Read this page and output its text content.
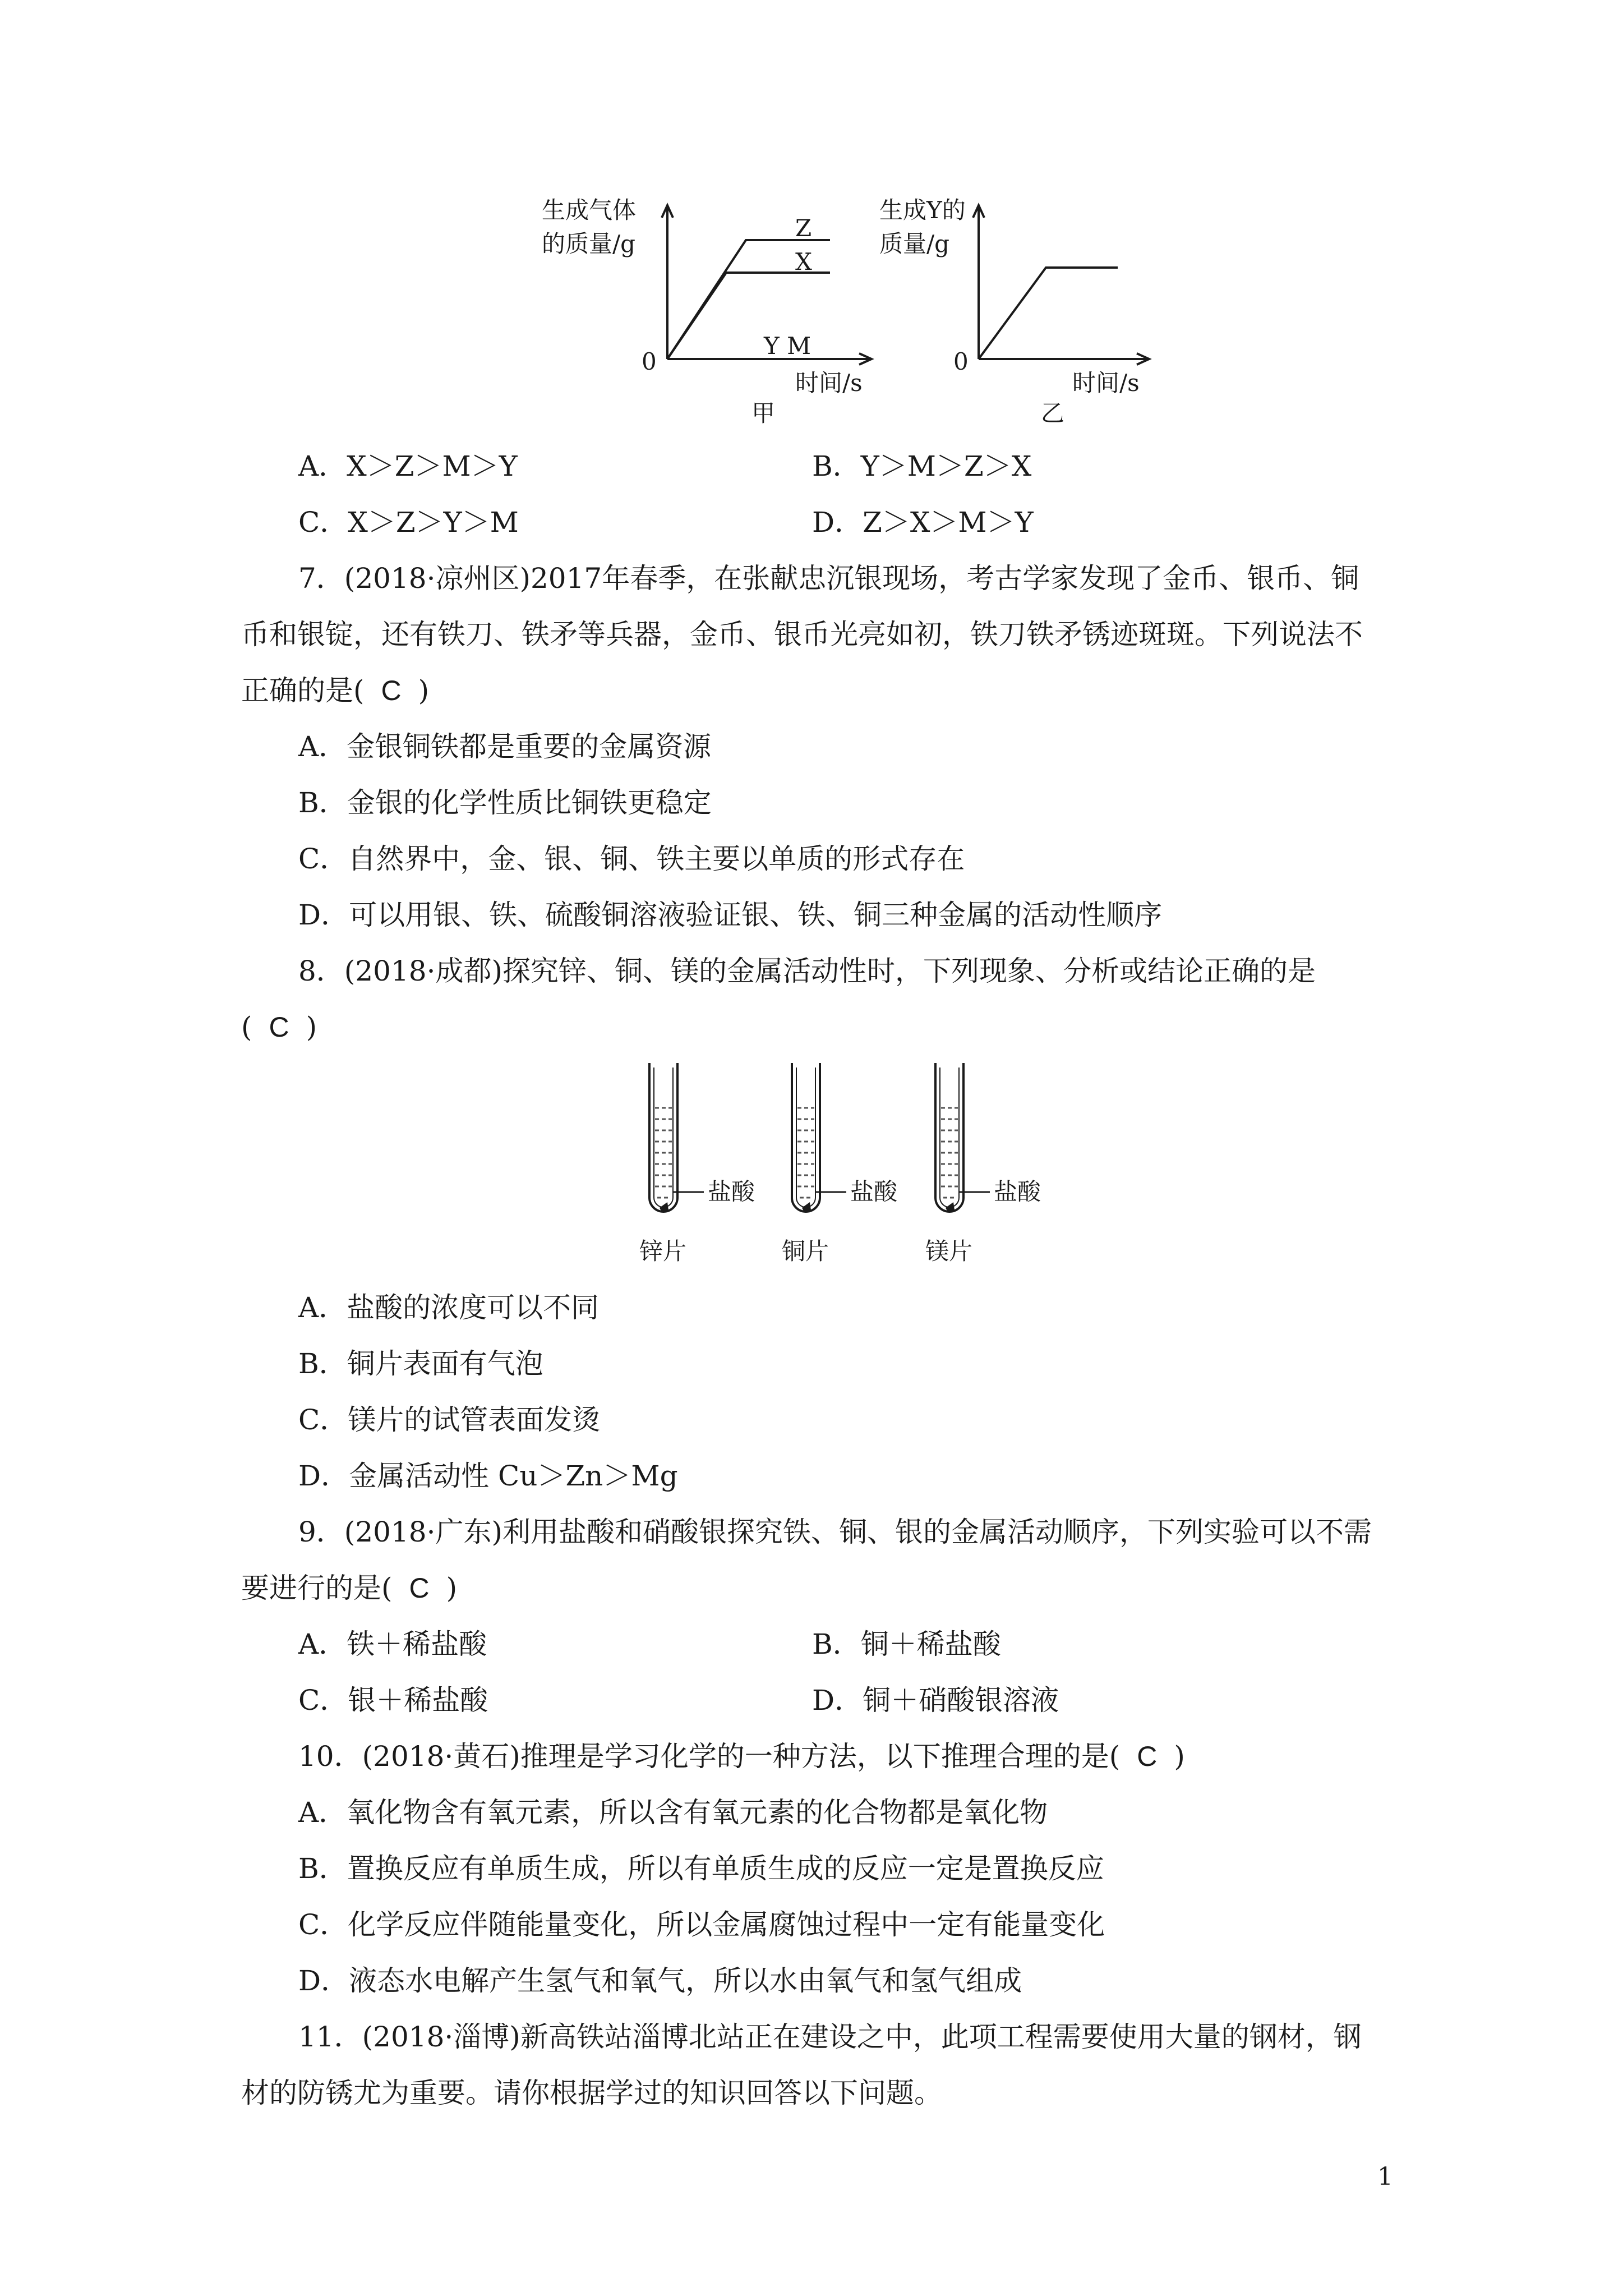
生成气体
的质量/g
Z
X
Y M
0
时间/s
甲
生成Y的
质量/g
0
时间/s
乙
A．X＞Z＞M＞Y	B．Y＞M＞Z＞X
C．X＞Z＞Y＞M	D．Z＞X＞M＞Y
7．(2018·凉州区)2017年春季，在张献忠沉银现场，考古学家发现了金币、银币、铜
币和银锭，还有铁刀、铁矛等兵器，金币、银币光亮如初，铁刀铁矛锈迹斑斑。下列说法不
正确的是( C )
A．金银铜铁都是重要的金属资源
B．金银的化学性质比铜铁更稳定
C．自然界中，金、银、铜、铁主要以单质的形式存在
D．可以用银、铁、硫酸铜溶液验证银、铁、铜三种金属的活动性顺序
8．(2018·成都)探究锌、铜、镁的金属活动性时，下列现象、分析或结论正确的是
( C )
盐酸	盐酸	盐酸
锌片	铜片	镁片
A．盐酸的浓度可以不同
B．铜片表面有气泡
C．镁片的试管表面发烫
D．金属活动性 Cu＞Zn＞Mg
9．(2018·广东)利用盐酸和硝酸银探究铁、铜、银的金属活动顺序，下列实验可以不需
要进行的是( C )
A．铁＋稀盐酸	B．铜＋稀盐酸
C．银＋稀盐酸	D．铜＋硝酸银溶液
10．(2018·黄石)推理是学习化学的一种方法，以下推理合理的是( C )
A．氧化物含有氧元素，所以含有氧元素的化合物都是氧化物
B．置换反应有单质生成，所以有单质生成的反应一定是置换反应
C．化学反应伴随能量变化，所以金属腐蚀过程中一定有能量变化
D．液态水电解产生氢气和氧气，所以水由氧气和氢气组成
11．(2018·淄博)新高铁站淄博北站正在建设之中，此项工程需要使用大量的钢材，钢
材的防锈尤为重要。请你根据学过的知识回答以下问题。
1
